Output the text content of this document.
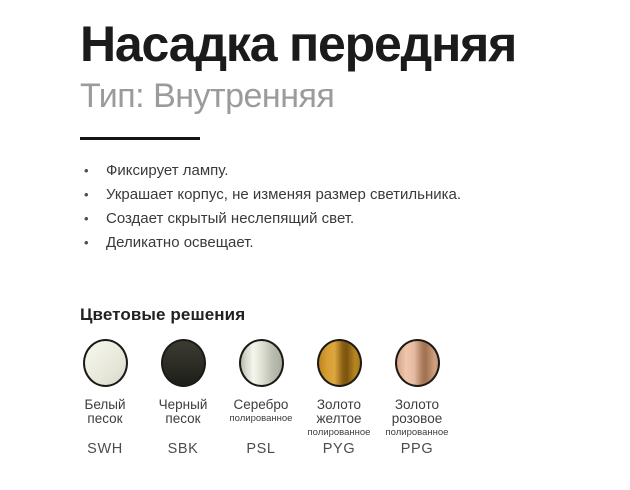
Насадка передняя
Тип: Внутренняя
•	Фиксирует лампу.
•	Украшает корпус, не изменяя размер светильника.
•	Создает скрытый неслепящий свет.
•	Деликатно освещает.
Цветовые решения
Белый
песок
SWH
Черный
песок
SBK
Серебро
полированное
PSL
Золото
желтое
полированное
PYG
Золото
розовое
полированное
PPG
